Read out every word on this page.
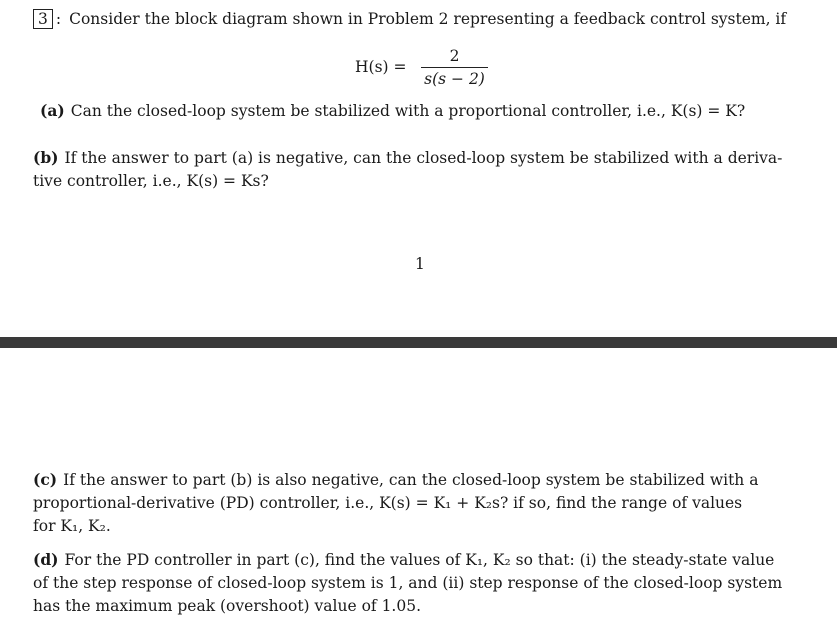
3 : Consider the block diagram shown in Problem 2 representing a feedback control system, if
H(s) =
2
s(s − 2)
(a) Can the closed-loop system be stabilized with a proportional controller, i.e., K(s) = K?
(b) If the answer to part (a) is negative, can the closed-loop system be stabilized with a deriva-
tive controller, i.e., K(s) = Ks?
1
(c) If the answer to part (b) is also negative, can the closed-loop system be stabilized with a
proportional-derivative (PD) controller, i.e., K(s) = K₁ + K₂s? if so, find the range of values
for K₁, K₂.
(d) For the PD controller in part (c), find the values of K₁, K₂ so that: (i) the steady-state value
of the step response of closed-loop system is 1, and (ii) step response of the closed-loop system
has the maximum peak (overshoot) value of 1.05.
